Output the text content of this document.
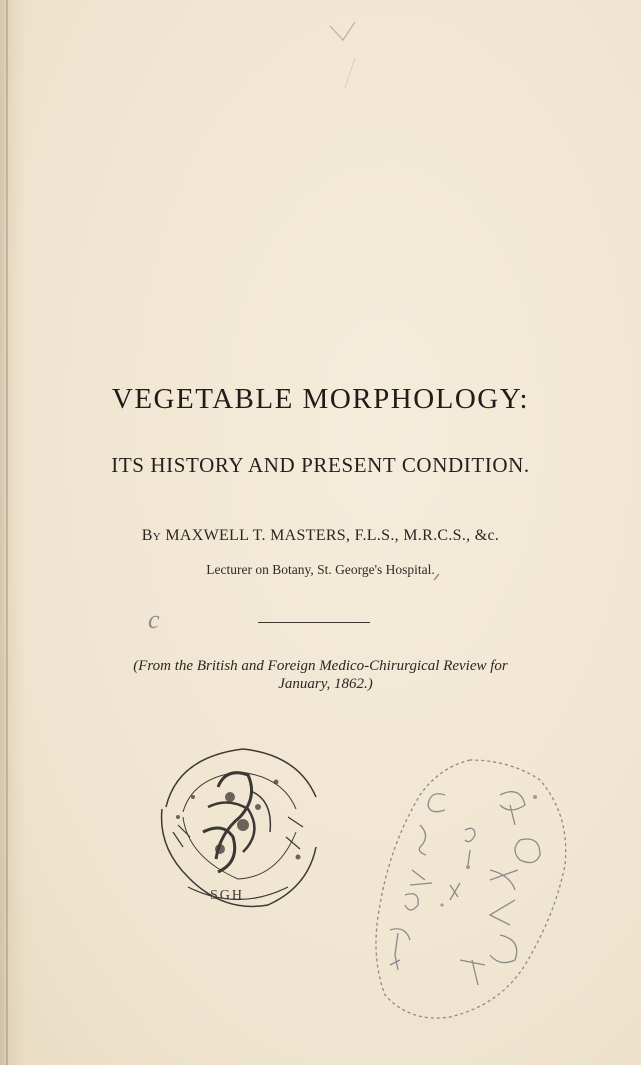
VEGETABLE MORPHOLOGY:
ITS HISTORY AND PRESENT CONDITION.
By MAXWELL T. MASTERS, F.L.S., M.R.C.S., &c.
Lecturer on Botany, St. George's Hospital.
c
(From the British and Foreign Medico-Chirurgical Review for
January, 1862.)
SGH
